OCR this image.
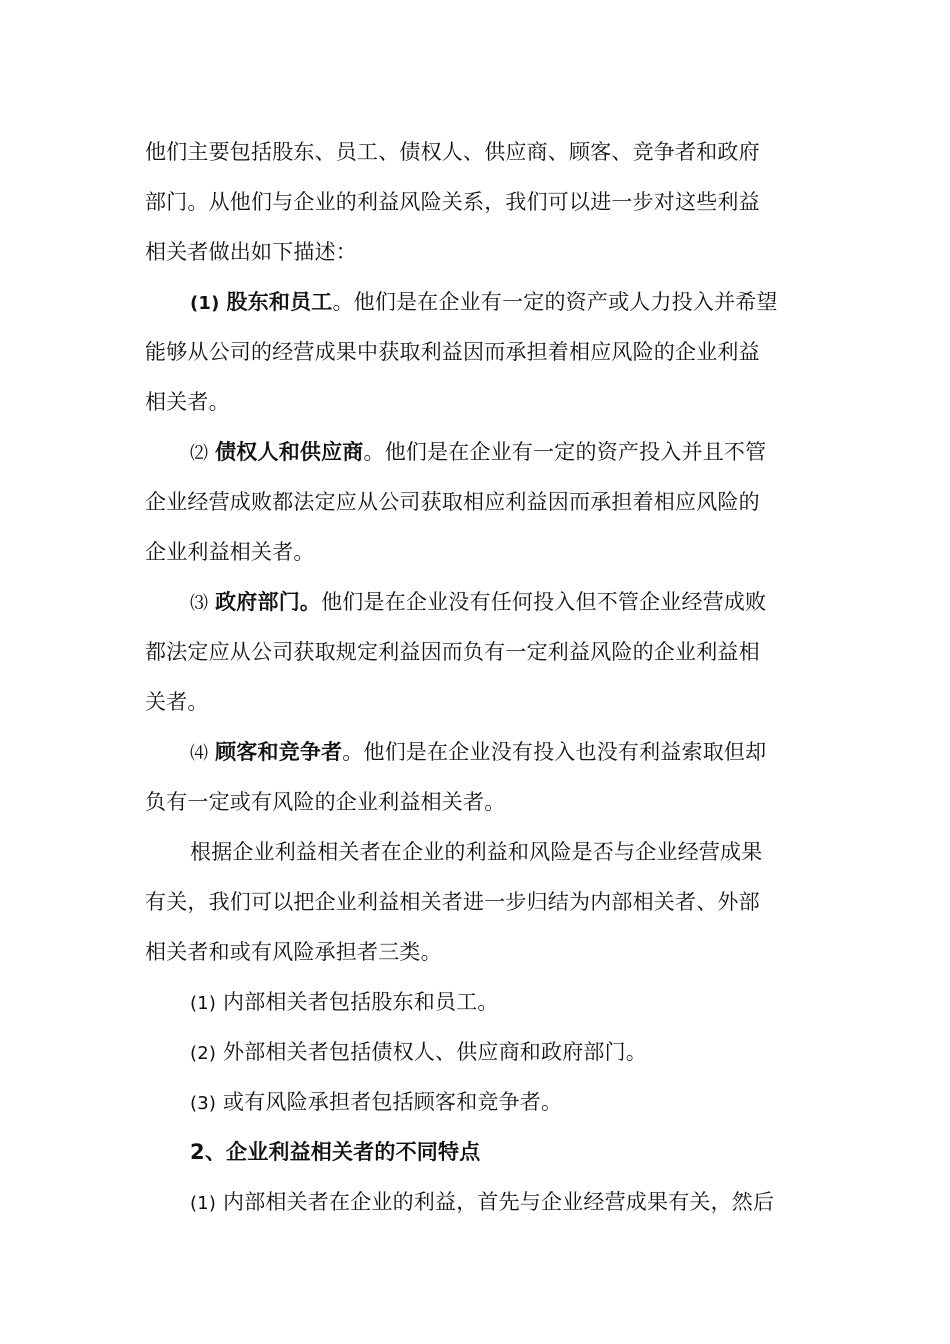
他们主要包括股东、员工、债权人、供应商、顾客、竞争者和政府
部门。从他们与企业的利益风险关系，我们可以进一步对这些利益
相关者做出如下描述：
(1) 股东和员工。他们是在企业有一定的资产或人力投入并希望
能够从公司的经营成果中获取利益因而承担着相应风险的企业利益
相关者。
⑵ 债权人和供应商。他们是在企业有一定的资产投入并且不管
企业经营成败都法定应从公司获取相应利益因而承担着相应风险的
企业利益相关者。
⑶ 政府部门。他们是在企业没有任何投入但不管企业经营成败
都法定应从公司获取规定利益因而负有一定利益风险的企业利益相
关者。
⑷ 顾客和竞争者。他们是在企业没有投入也没有利益索取但却
负有一定或有风险的企业利益相关者。
根据企业利益相关者在企业的利益和风险是否与企业经营成果
有关，我们可以把企业利益相关者进一步归结为内部相关者、外部
相关者和或有风险承担者三类。
(1) 内部相关者包括股东和员工。
(2) 外部相关者包括债权人、供应商和政府部门。
(3) 或有风险承担者包括顾客和竞争者。
2、企业利益相关者的不同特点
(1) 内部相关者在企业的利益，首先与企业经营成果有关，然后
